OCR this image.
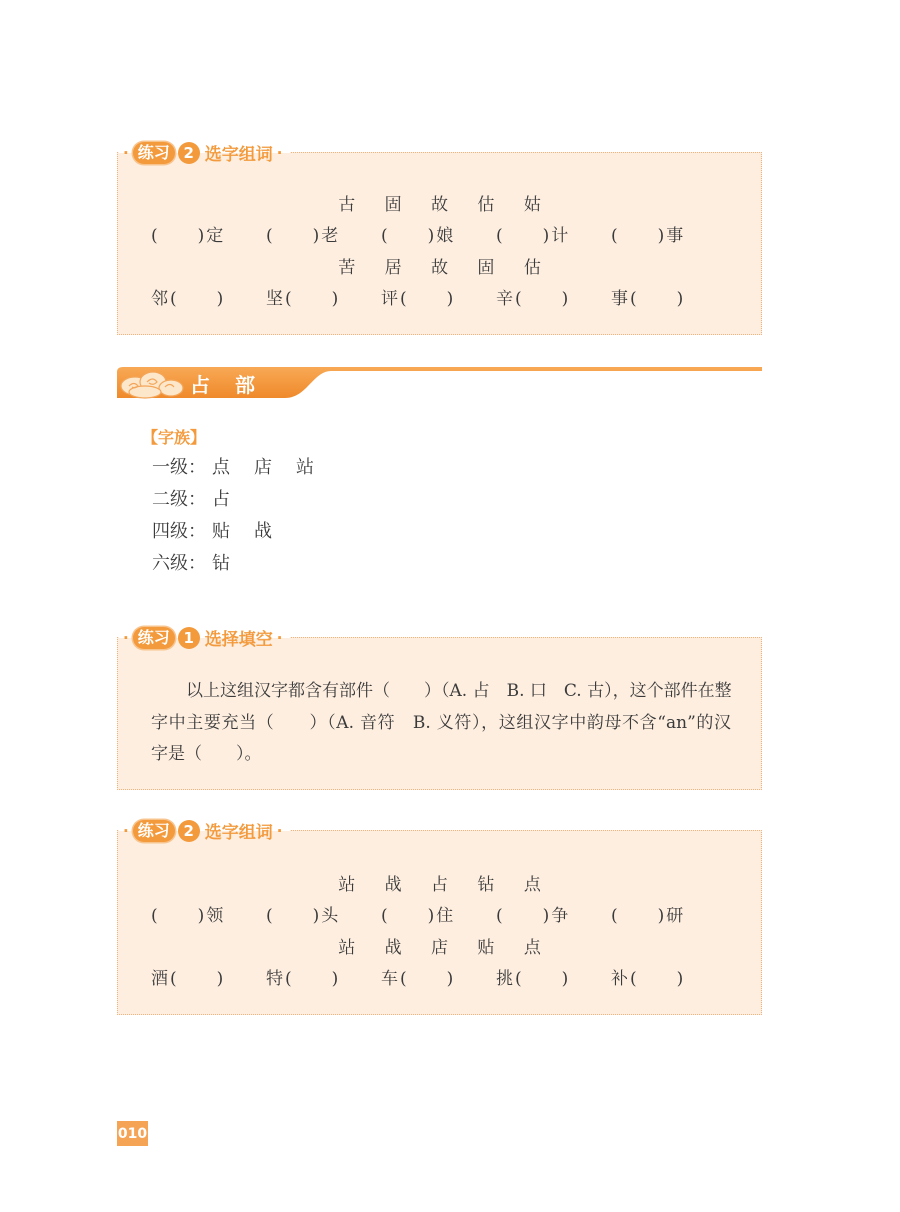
· 练习 2 选字组词 ·
古 固 故 估 姑
(　　)定	(　　)老	(　　)娘	(　　)计	(　　)事
苦 居 故 固 估
邻(　　)	坚(　　)	评(　　)	辛(　　)	事(　　)
占 部
【字族】
一级： 点 店 站
二级： 占
四级： 贴 战
六级： 钻
· 练习 1 选择填空 ·
以上这组汉字都含有部件（　　）（A. 占　B. 口　C. 古），这个部件在整
字中主要充当（　　）（A. 音符　B. 义符），这组汉字中韵母不含“an”的汉
字是（　　）。
· 练习 2 选字组词 ·
站 战 占 钻 点
(　　)领	(　　)头	(　　)住	(　　)争	(　　)研
站 战 店 贴 点
酒(　　)	特(　　)	车(　　)	挑(　　)	补(　　)
010
